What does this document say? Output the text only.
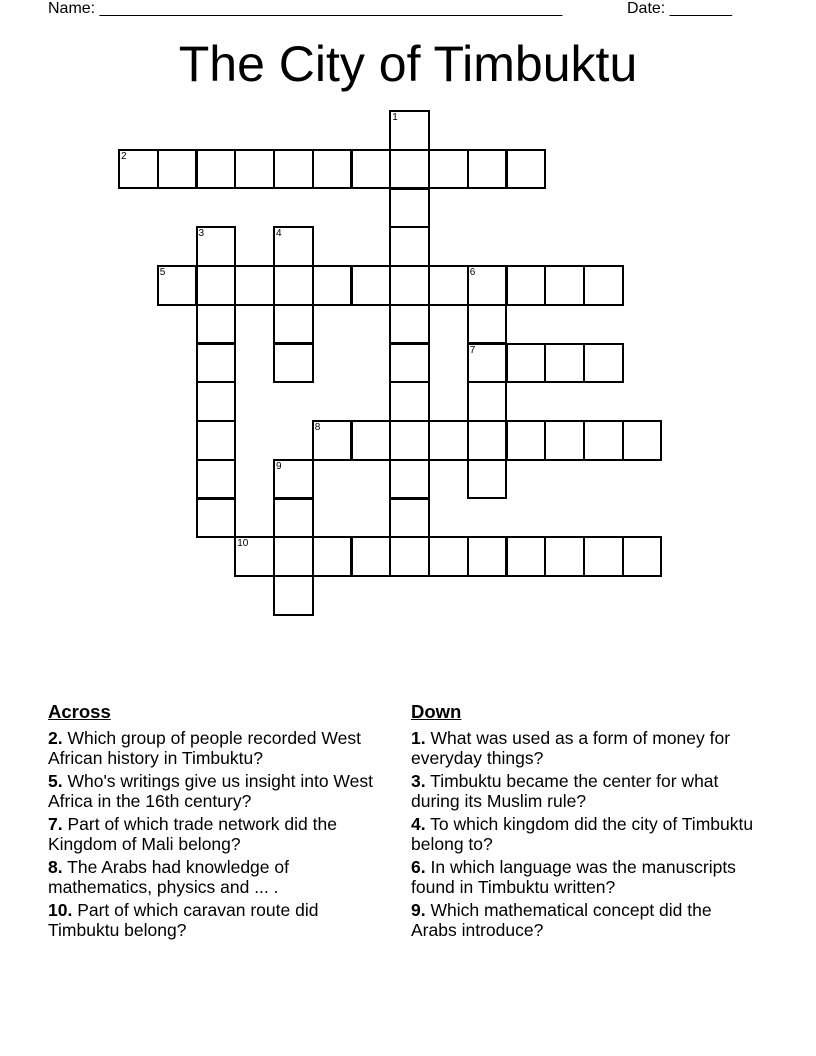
Name: ____________________________________________________	Date: _______
The City of Timbuktu
2
5	6
7
8
10
1
3	4
9
Across
2. Which group of people recorded West African history in Timbuktu?
5. Who's writings give us insight into West Africa in the 16th century?
7. Part of which trade network did the Kingdom of Mali belong?
8. The Arabs had knowledge of mathematics, physics and ... .
10. Part of which caravan route did Timbuktu belong?
Down
1. What was used as a form of money for everyday things?
3. Timbuktu became the center for what during its Muslim rule?
4. To which kingdom did the city of Timbuktu belong to?
6. In which language was the manuscripts found in Timbuktu written?
9. Which mathematical concept did the Arabs introduce?
